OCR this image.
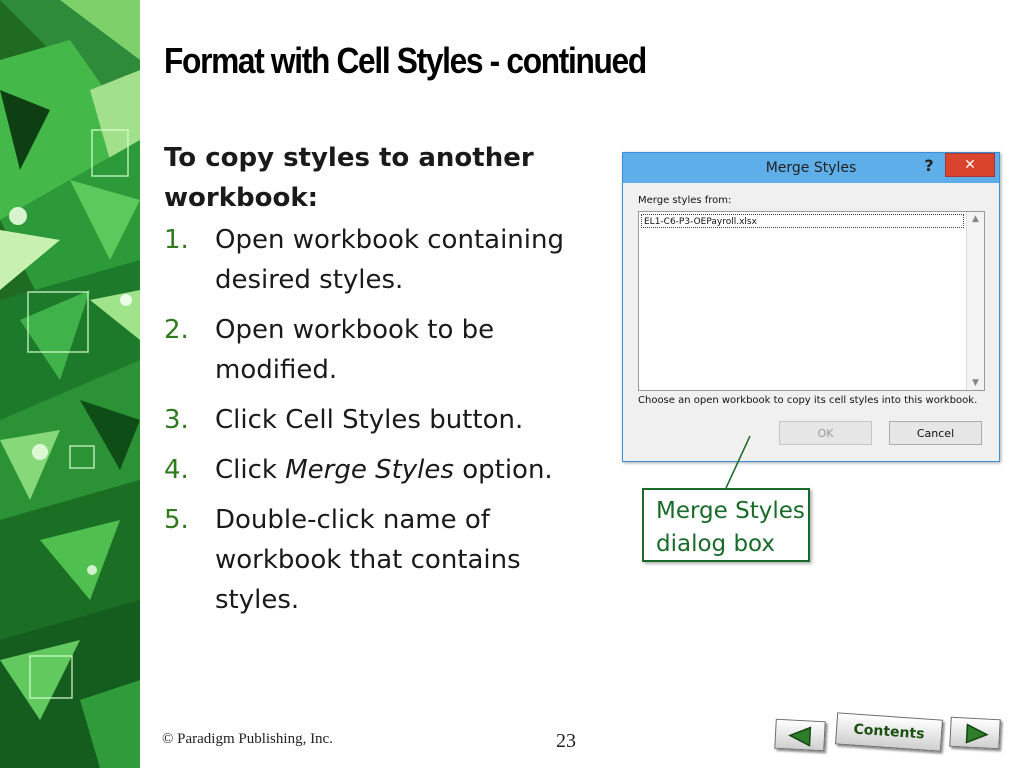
Format with Cell Styles - continued
To copy styles to another workbook:
1. Open workbook containing desired styles.
2. Open workbook to be modified.
3. Click Cell Styles button.
4. Click Merge Styles option.
5. Double-click name of workbook that contains styles.
Merge Styles	?	✕
Merge styles from:
EL1-C6-P3-OEPayroll.xlsx	▲
▼
Choose an open workbook to copy its cell styles into this workbook.
OK	Cancel
Merge Styles
dialog box
© Paradigm Publishing, Inc.	23	Contents
